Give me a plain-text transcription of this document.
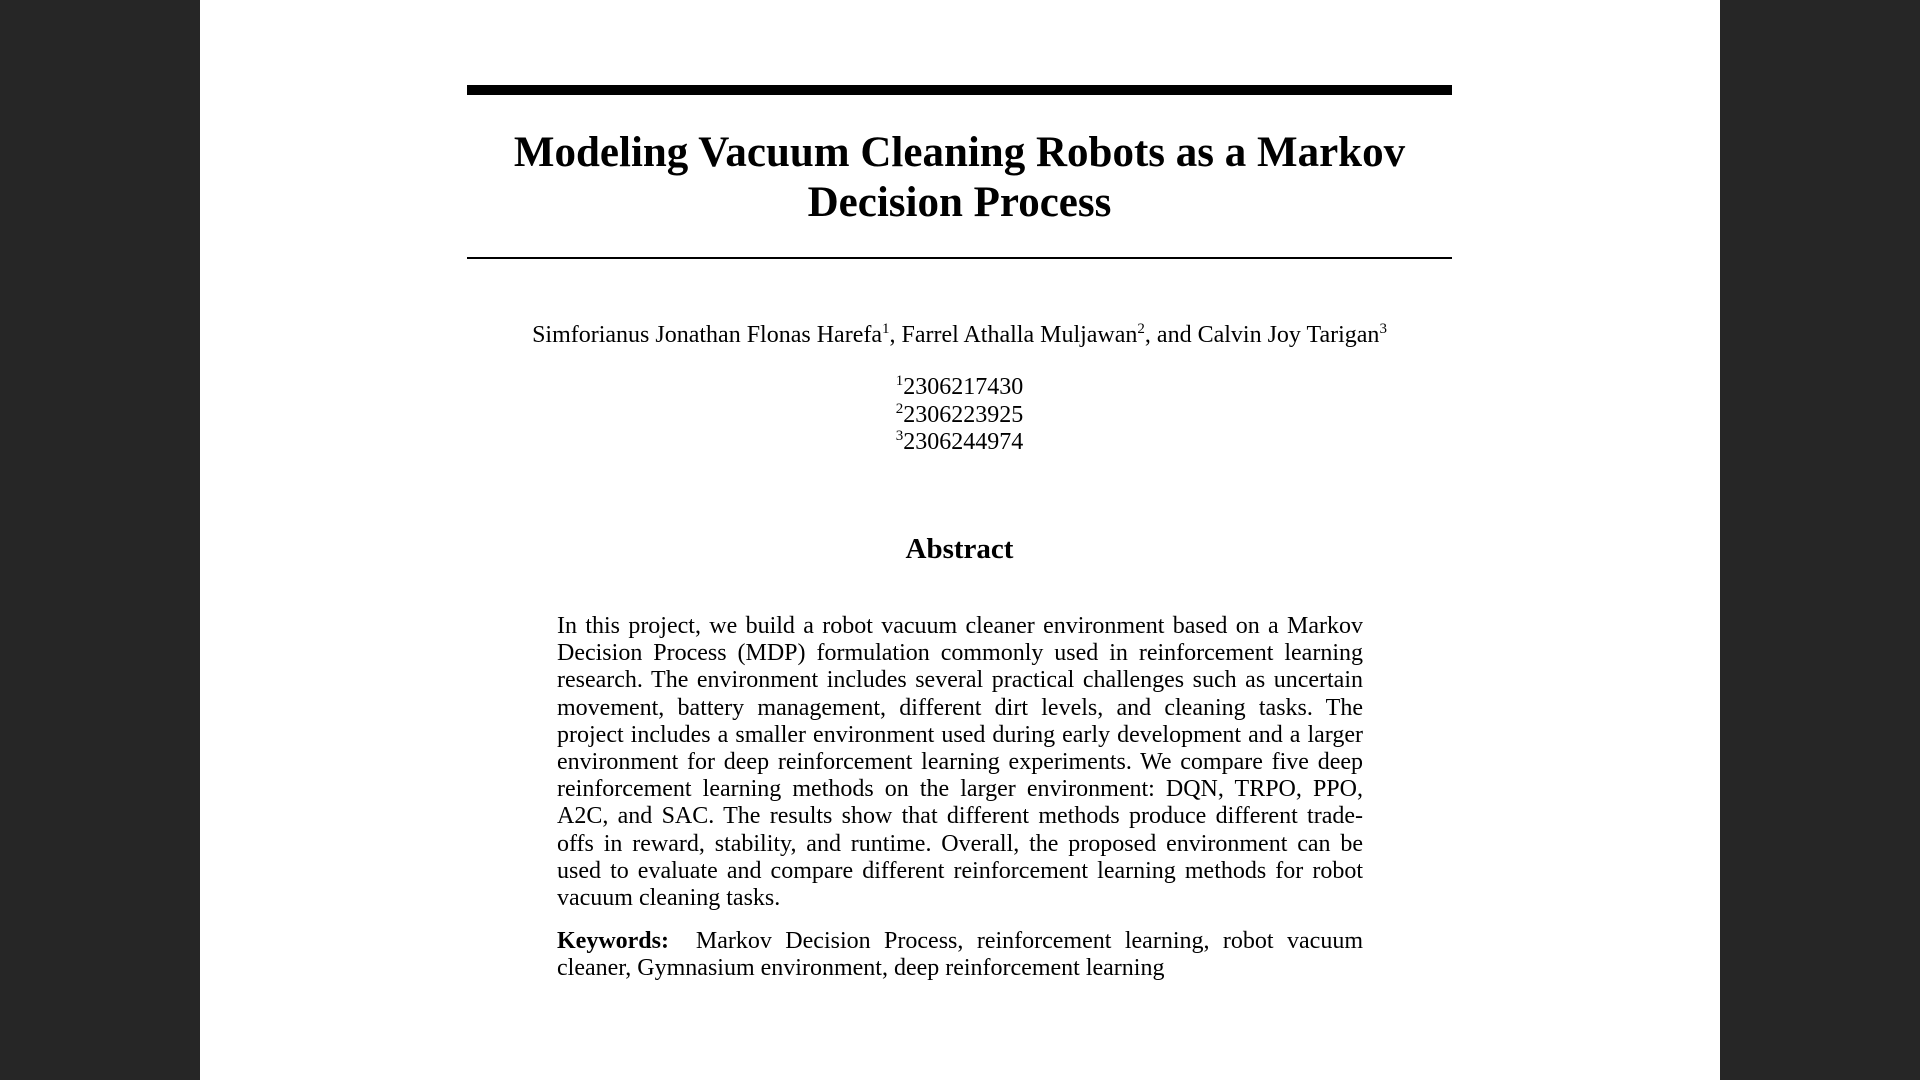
Modeling Vacuum Cleaning Robots as a Markov Decision Process
Simforianus Jonathan Flonas Harefa$^1$, Farrel Athalla Muljawan$^2$, and Calvin Joy Tarigan$^3$
$^1$2306217430
$^2$2306223925
$^3$2306244974
Abstract

In this project, we build a robot vacuum cleaner environment based on a Markov Decision Process (MDP) formulation commonly used in reinforcement learning research. The environment includes several practical challenges such as uncertain movement, battery management, different dirt levels, and cleaning tasks. The project includes a smaller environment used during early development and a larger environment for deep reinforcement learning experiments. We compare five deep reinforcement learning methods on the larger environment: DQN, TRPO, PPO, A2C, and SAC. The results show that different methods produce different trade-offs in reward, stability, and runtime. Overall, the proposed environment can be used to evaluate and compare different reinforcement learning methods for robot vacuum cleaning tasks.

Keywords: Markov Decision Process, reinforcement learning, robot vacuum cleaner, Gymnasium environment, deep reinforcement learning
